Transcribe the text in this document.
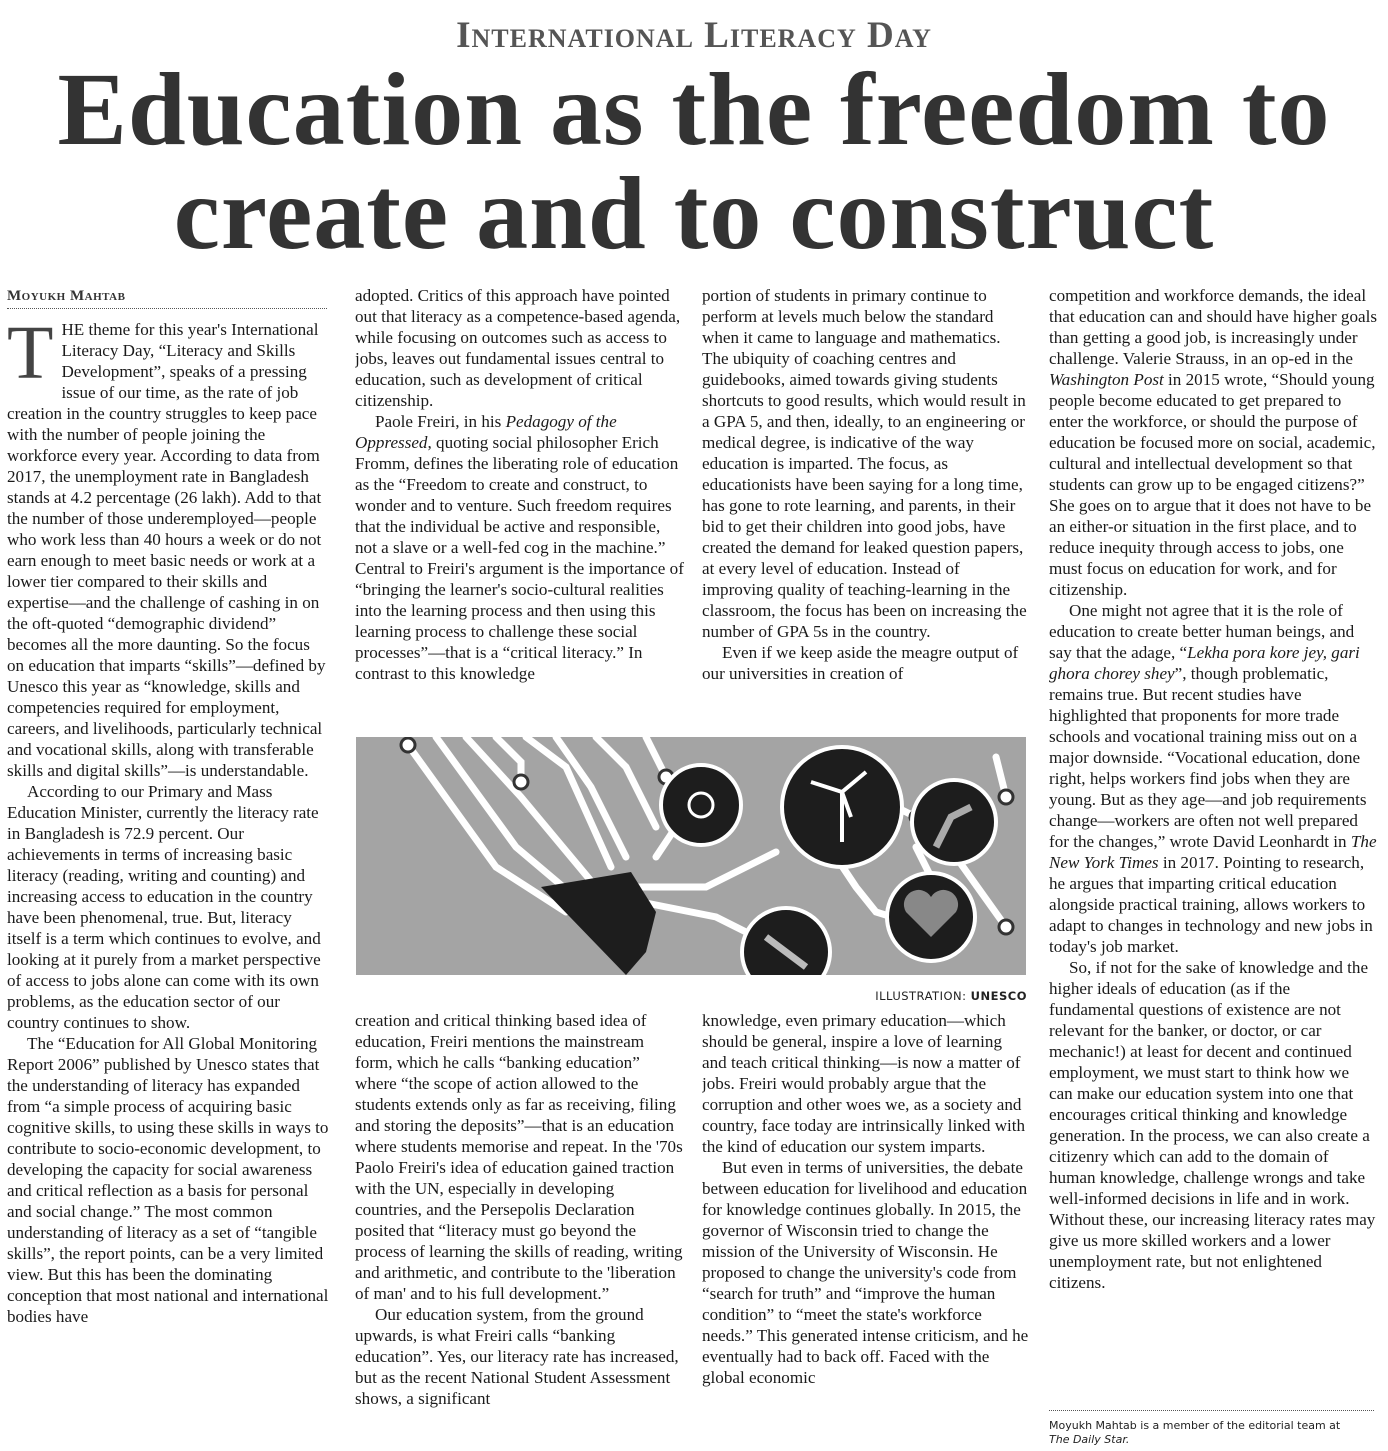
International Literacy Day
Education as the freedom to
create and to construct
Moyukh Mahtab

THE theme for this year's International Literacy Day, “Literacy and Skills Development”, speaks of a pressing issue of our time, as the rate of job creation in the country struggles to keep pace with the number of people joining the workforce every year. According to data from 2017, the unemployment rate in Bangladesh stands at 4.2 percentage (26 lakh). Add to that the number of those underemployed—people who work less than 40 hours a week or do not earn enough to meet basic needs or work at a lower tier compared to their skills and expertise—and the challenge of cashing in on the oft-quoted “demographic dividend” becomes all the more daunting. So the focus on education that imparts “skills”—defined by Unesco this year as “knowledge, skills and competencies required for employment, careers, and livelihoods, particularly technical and vocational skills, along with transferable skills and digital skills”—is understandable.

According to our Primary and Mass Education Minister, currently the literacy rate in Bangladesh is 72.9 percent. Our achievements in terms of increasing basic literacy (reading, writing and counting) and increasing access to education in the country have been phenomenal, true. But, literacy itself is a term which continues to evolve, and looking at it purely from a market perspective of access to jobs alone can come with its own problems, as the education sector of our country continues to show.

The “Education for All Global Monitoring Report 2006” published by Unesco states that the understanding of literacy has expanded from “a simple process of acquiring basic cognitive skills, to using these skills in ways to contribute to socio-economic development, to developing the capacity for social awareness and critical reflection as a basis for personal and social change.” The most common understanding of literacy as a set of “tangible skills”, the report points, can be a very limited view. But this has been the dominating conception that most national and international bodies have

adopted. Critics of this approach have pointed out that literacy as a competence-based agenda, while focusing on outcomes such as access to jobs, leaves out fundamental issues central to education, such as development of critical citizenship.

Paole Freiri, in his Pedagogy of the Oppressed, quoting social philosopher Erich Fromm, defines the liberating role of education as the “Freedom to create and construct, to wonder and to venture. Such freedom requires that the individual be active and responsible, not a slave or a well-fed cog in the machine.” Central to Freiri's argument is the importance of “bringing the learner's socio-cultural realities into the learning process and then using this learning process to challenge these social processes”—that is a “critical literacy.” In contrast to this knowledge

portion of students in primary continue to perform at levels much below the standard when it came to language and mathematics. The ubiquity of coaching centres and guidebooks, aimed towards giving students shortcuts to good results, which would result in a GPA 5, and then, ideally, to an engineering or medical degree, is indicative of the way education is imparted. The focus, as educationists have been saying for a long time, has gone to rote learning, and parents, in their bid to get their children into good jobs, have created the demand for leaked question papers, at every level of education. Instead of improving quality of teaching-learning in the classroom, the focus has been on increasing the number of GPA 5s in the country.

Even if we keep aside the meagre output of our universities in creation of

ILLUSTRATION: UNESCO

creation and critical thinking based idea of education, Freiri mentions the mainstream form, which he calls “banking education” where “the scope of action allowed to the students extends only as far as receiving, filing and storing the deposits”—that is an education where students memorise and repeat. In the '70s Paolo Freiri's idea of education gained traction with the UN, especially in developing countries, and the Persepolis Declaration posited that “literacy must go beyond the process of learning the skills of reading, writing and arithmetic, and contribute to the 'liberation of man' and to his full development.”

Our education system, from the ground upwards, is what Freiri calls “banking education”. Yes, our literacy rate has increased, but as the recent National Student Assessment shows, a significant

knowledge, even primary education—which should be general, inspire a love of learning and teach critical thinking—is now a matter of jobs. Freiri would probably argue that the corruption and other woes we, as a society and country, face today are intrinsically linked with the kind of education our system imparts.

But even in terms of universities, the debate between education for livelihood and education for knowledge continues globally. In 2015, the governor of Wisconsin tried to change the mission of the University of Wisconsin. He proposed to change the university's code from “search for truth” and “improve the human condition” to “meet the state's workforce needs.” This generated intense criticism, and he eventually had to back off. Faced with the global economic

competition and workforce demands, the ideal that education can and should have higher goals than getting a good job, is increasingly under challenge. Valerie Strauss, in an op-ed in the Washington Post in 2015 wrote, “Should young people become educated to get prepared to enter the workforce, or should the purpose of education be focused more on social, academic, cultural and intellectual development so that students can grow up to be engaged citizens?” She goes on to argue that it does not have to be an either-or situation in the first place, and to reduce inequity through access to jobs, one must focus on education for work, and for citizenship.

One might not agree that it is the role of education to create better human beings, and say that the adage, “Lekha pora kore jey, gari ghora chorey shey”, though problematic, remains true. But recent studies have highlighted that proponents for more trade schools and vocational training miss out on a major downside. “Vocational education, done right, helps workers find jobs when they are young. But as they age—and job requirements change—workers are often not well prepared for the changes,” wrote David Leonhardt in The New York Times in 2017. Pointing to research, he argues that imparting critical education alongside practical training, allows workers to adapt to changes in technology and new jobs in today's job market.

So, if not for the sake of knowledge and the higher ideals of education (as if the fundamental questions of existence are not relevant for the banker, or doctor, or car mechanic!) at least for decent and continued employment, we must start to think how we can make our education system into one that encourages critical thinking and knowledge generation. In the process, we can also create a citizenry which can add to the domain of human knowledge, challenge wrongs and take well-informed decisions in life and in work. Without these, our increasing literacy rates may give us more skilled workers and a lower unemployment rate, but not enlightened citizens.

Moyukh Mahtab is a member of the editorial team at
The Daily Star.
